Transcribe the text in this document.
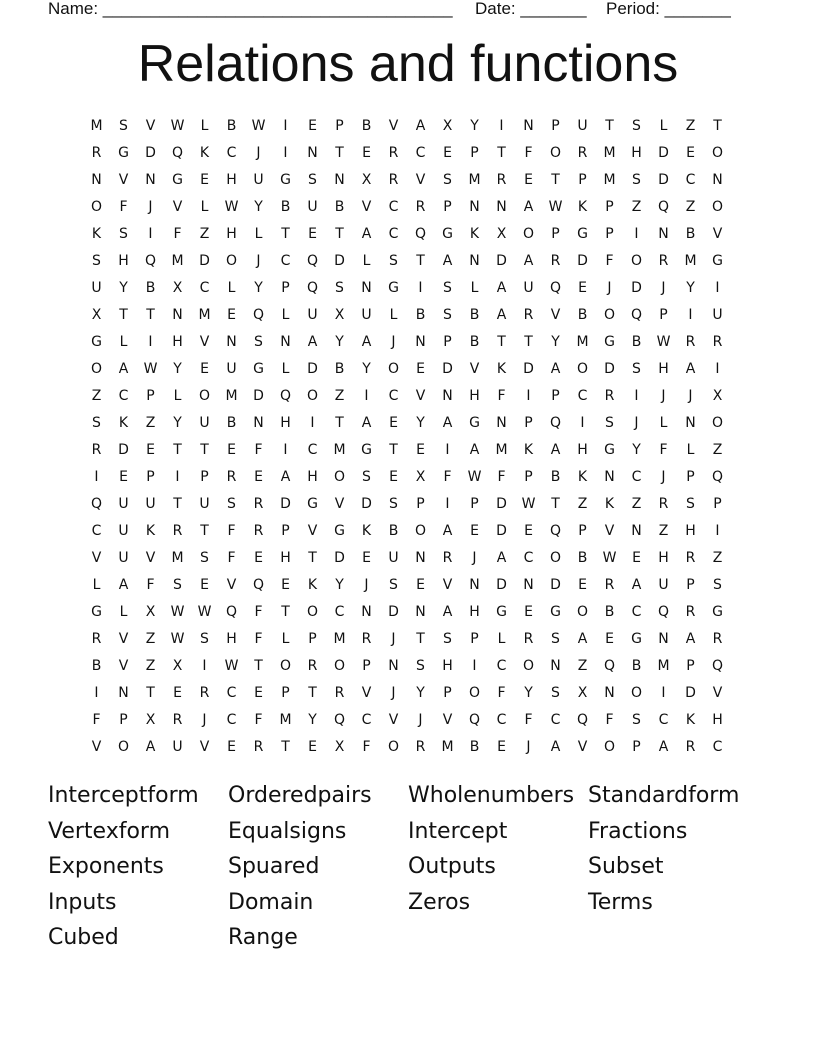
Name: _____________________________________

Date: _______

Period: _______

Relations and functions
M	S	V	W	L	B	W	I	E	P	B	V	A	X	Y	I	N	P	U	T	S	L	Z	T
R	G	D	Q	K	C	J	I	N	T	E	R	C	E	P	T	F	O	R	M	H	D	E	O
N	V	N	G	E	H	U	G	S	N	X	R	V	S	M	R	E	T	P	M	S	D	C	N
O	F	J	V	L	W	Y	B	U	B	V	C	R	P	N	N	A	W	K	P	Z	Q	Z	O
K	S	I	F	Z	H	L	T	E	T	A	C	Q	G	K	X	O	P	G	P	I	N	B	V
S	H	Q	M	D	O	J	C	Q	D	L	S	T	A	N	D	A	R	D	F	O	R	M	G
U	Y	B	X	C	L	Y	P	Q	S	N	G	I	S	L	A	U	Q	E	J	D	J	Y	I
X	T	T	N	M	E	Q	L	U	X	U	L	B	S	B	A	R	V	B	O	Q	P	I	U
G	L	I	H	V	N	S	N	A	Y	A	J	N	P	B	T	T	Y	M	G	B	W	R	R
O	A	W	Y	E	U	G	L	D	B	Y	O	E	D	V	K	D	A	O	D	S	H	A	I
Z	C	P	L	O	M	D	Q	O	Z	I	C	V	N	H	F	I	P	C	R	I	J	J	X
S	K	Z	Y	U	B	N	H	I	T	A	E	Y	A	G	N	P	Q	I	S	J	L	N	O
R	D	E	T	T	E	F	I	C	M	G	T	E	I	A	M	K	A	H	G	Y	F	L	Z
I	E	P	I	P	R	E	A	H	O	S	E	X	F	W	F	P	B	K	N	C	J	P	Q
Q	U	U	T	U	S	R	D	G	V	D	S	P	I	P	D	W	T	Z	K	Z	R	S	P
C	U	K	R	T	F	R	P	V	G	K	B	O	A	E	D	E	Q	P	V	N	Z	H	I
V	U	V	M	S	F	E	H	T	D	E	U	N	R	J	A	C	O	B	W	E	H	R	Z
L	A	F	S	E	V	Q	E	K	Y	J	S	E	V	N	D	N	D	E	R	A	U	P	S
G	L	X	W W	Q	F	T	O	C	N	D	N	A	H	G	E	G	O	B	C	Q	R	G
R	V	Z	W	S	H	F	L	P	M	R	J	T	S	P	L	R	S	A	E	G	N	A	R
B	V	Z	X	I	W	T	O	R	O	P	N	S	H	I	C	O	N	Z	Q	B	M	P	Q
I	N	T	E	R	C	E	P	T	R	V	J	Y	P	O	F	Y	S	X	N	O	I	D	V
F	P	X	R	J	C	F	M	Y	Q	C	V	J	V	Q	C	F	C	Q	F	S	C	K	H
V	O	A	U	V	E	R	T	E	X	F	O	R	M	B	E	J	A	V	O	P	A	R	C
Interceptform	Orderedpairs	Wholenumbers Standardform
Vertexform	Equalsigns	Intercept	Fractions
Exponents	Spuared	Outputs	Subset
Inputs	Domain	Zeros	Terms
Cubed	Range
